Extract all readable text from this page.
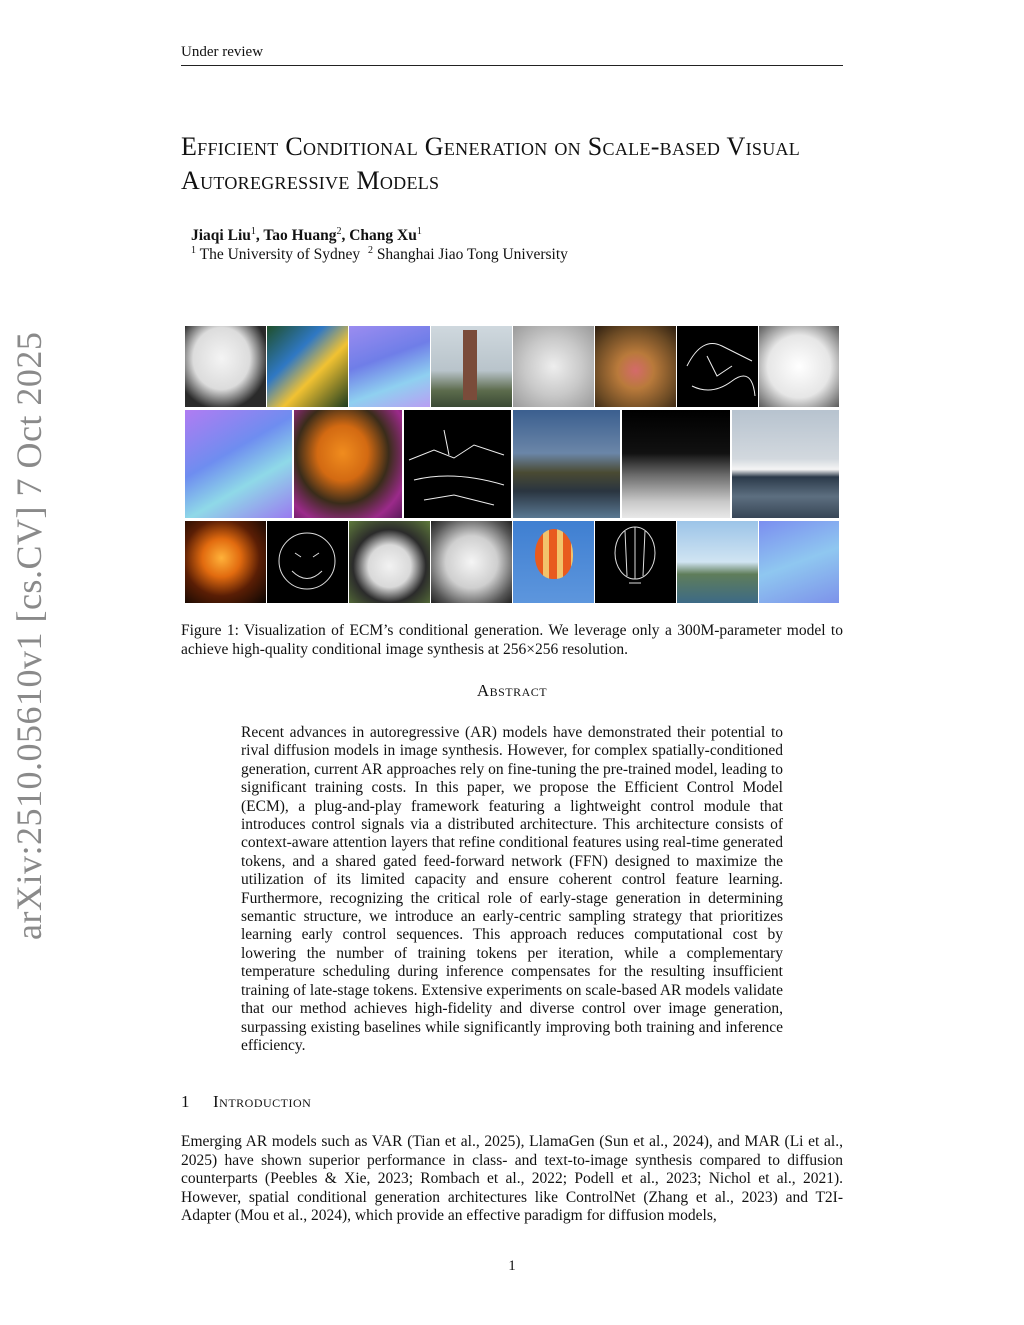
Under review
arXiv:2510.05610v1 [cs.CV] 7 Oct 2025
Efficient Conditional Generation on Scale-based Visual Autoregressive Models
Jiaqi Liu$^1$, Tao Huang$^2$, Chang Xu$^1$
$^1$ The University of Sydney $^2$ Shanghai Jiao Tong University
Figure 1: Visualization of ECM’s conditional generation. We leverage only a 300M-parameter model to achieve high-quality conditional image synthesis at 256×256 resolution.
Abstract
Recent advances in autoregressive (AR) models have demonstrated their potential to rival diffusion models in image synthesis. However, for complex spatially-conditioned generation, current AR approaches rely on fine-tuning the pre-trained model, leading to significant training costs. In this paper, we propose the Efficient Control Model (ECM), a plug-and-play framework featuring a lightweight control module that introduces control signals via a distributed architecture. This architecture consists of context-aware attention layers that refine conditional features using real-time generated tokens, and a shared gated feed-forward network (FFN) designed to maximize the utilization of its limited capacity and ensure coherent control feature learning. Furthermore, recognizing the critical role of early-stage generation in determining semantic structure, we introduce an early-centric sampling strategy that prioritizes learning early control sequences. This approach reduces computational cost by lowering the number of training tokens per iteration, while a complementary temperature scheduling during inference compensates for the resulting insufficient training of late-stage tokens. Extensive experiments on scale-based AR models validate that our method achieves high-fidelity and diverse control over image generation, surpassing existing baselines while significantly improving both training and inference efficiency.
1 Introduction
Emerging AR models such as VAR (Tian et al., 2025), LlamaGen (Sun et al., 2024), and MAR (Li et al., 2025) have shown superior performance in class- and text-to-image synthesis compared to diffusion counterparts (Peebles & Xie, 2023; Rombach et al., 2022; Podell et al., 2023; Nichol et al., 2021). However, spatial conditional generation architectures like ControlNet (Zhang et al., 2023) and T2I-Adapter (Mou et al., 2024), which provide an effective paradigm for diffusion models,
1
